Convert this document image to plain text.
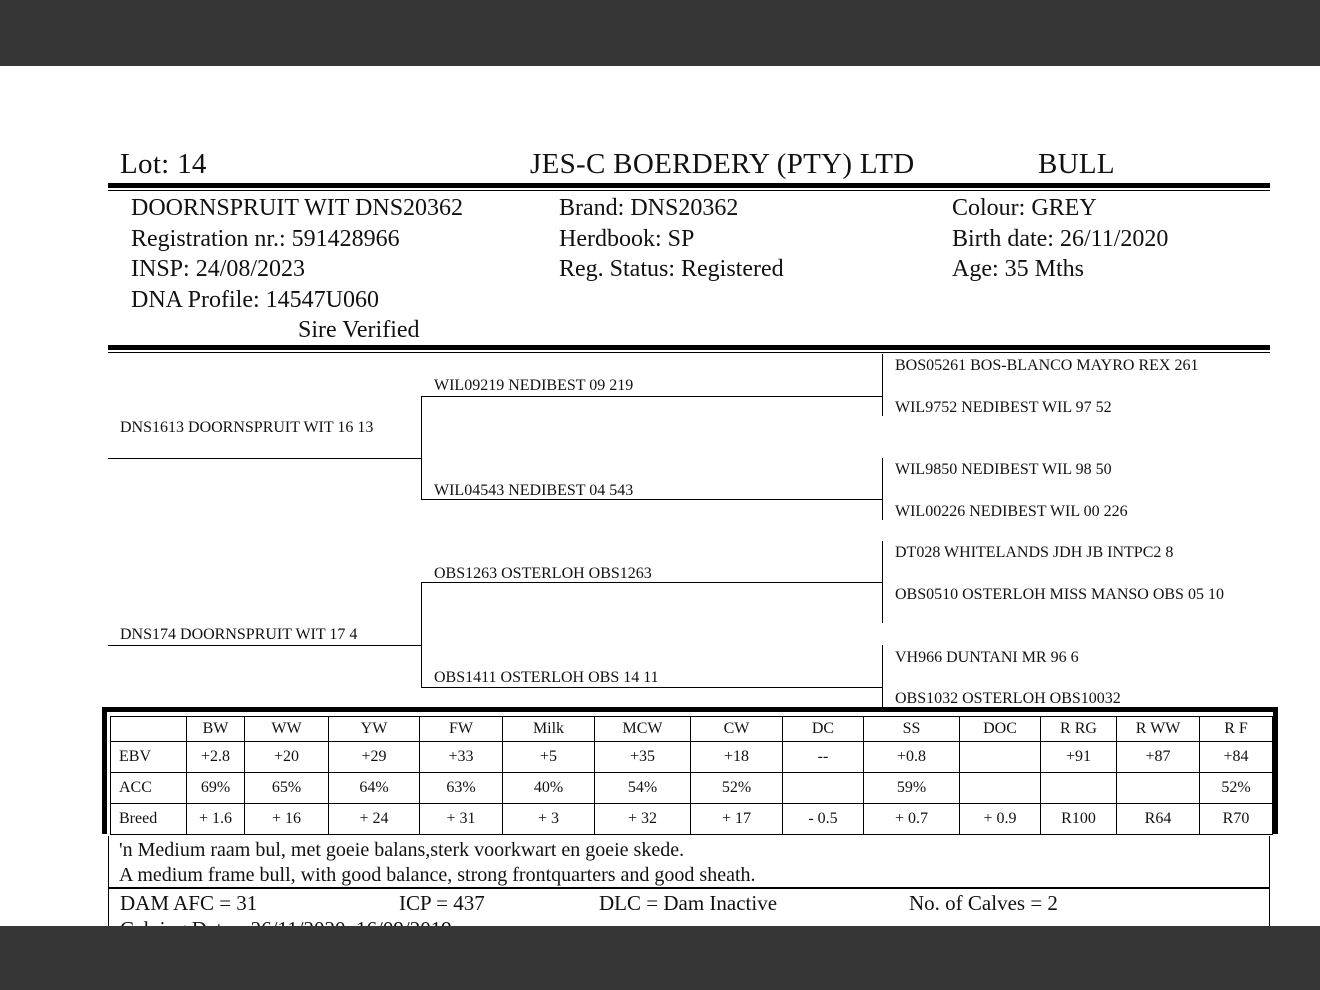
Lot: 14	JES-C BOERDERY (PTY) LTD	BULL
DOORNSPRUIT WIT DNS20362
Registration nr.: 591428966
INSP: 24/08/2023
DNA Profile: 14547U060
Sire Verified
Brand: DNS20362
Herdbook: SP
Reg. Status: Registered
Colour: GREY
Birth date: 26/11/2020
Age: 35 Mths
DNS1613 DOORNSPRUIT WIT 16 13
WIL09219 NEDIBEST 09 219
WIL04543 NEDIBEST 04 543
DNS174 DOORNSPRUIT WIT 17 4
OBS1263 OSTERLOH OBS1263
OBS1411 OSTERLOH OBS 14 11
BOS05261 BOS-BLANCO MAYRO REX 261
WIL9752 NEDIBEST WIL 97 52
WIL9850 NEDIBEST WIL 98 50
WIL00226 NEDIBEST WIL 00 226
DT028 WHITELANDS JDH JB INTPC2 8
OBS0510 OSTERLOH MISS MANSO OBS 05 10
VH966 DUNTANI MR 96 6
OBS1032 OSTERLOH OBS10032
	BW	WW	YW	FW	Milk	MCW	CW	DC	SS	DOC	R RG	R WW	R F
EBV	+2.8	+20	+29	+33	+5	+35	+18	--	+0.8		+91	+87	+84
ACC	69%	65%	64%	63%	40%	54%	52%		59%				52%
Breed	+ 1.6	+ 16	+ 24	+ 31	+ 3	+ 32	+ 17	- 0.5	+ 0.7	+ 0.9	R100	R64	R70
'n Medium raam bul, met goeie balans,sterk voorkwart en goeie skede.
A medium frame bull, with good balance, strong frontquarters and good sheath.
DAM AFC = 31	ICP = 437	DLC = Dam Inactive	No. of Calves = 2
